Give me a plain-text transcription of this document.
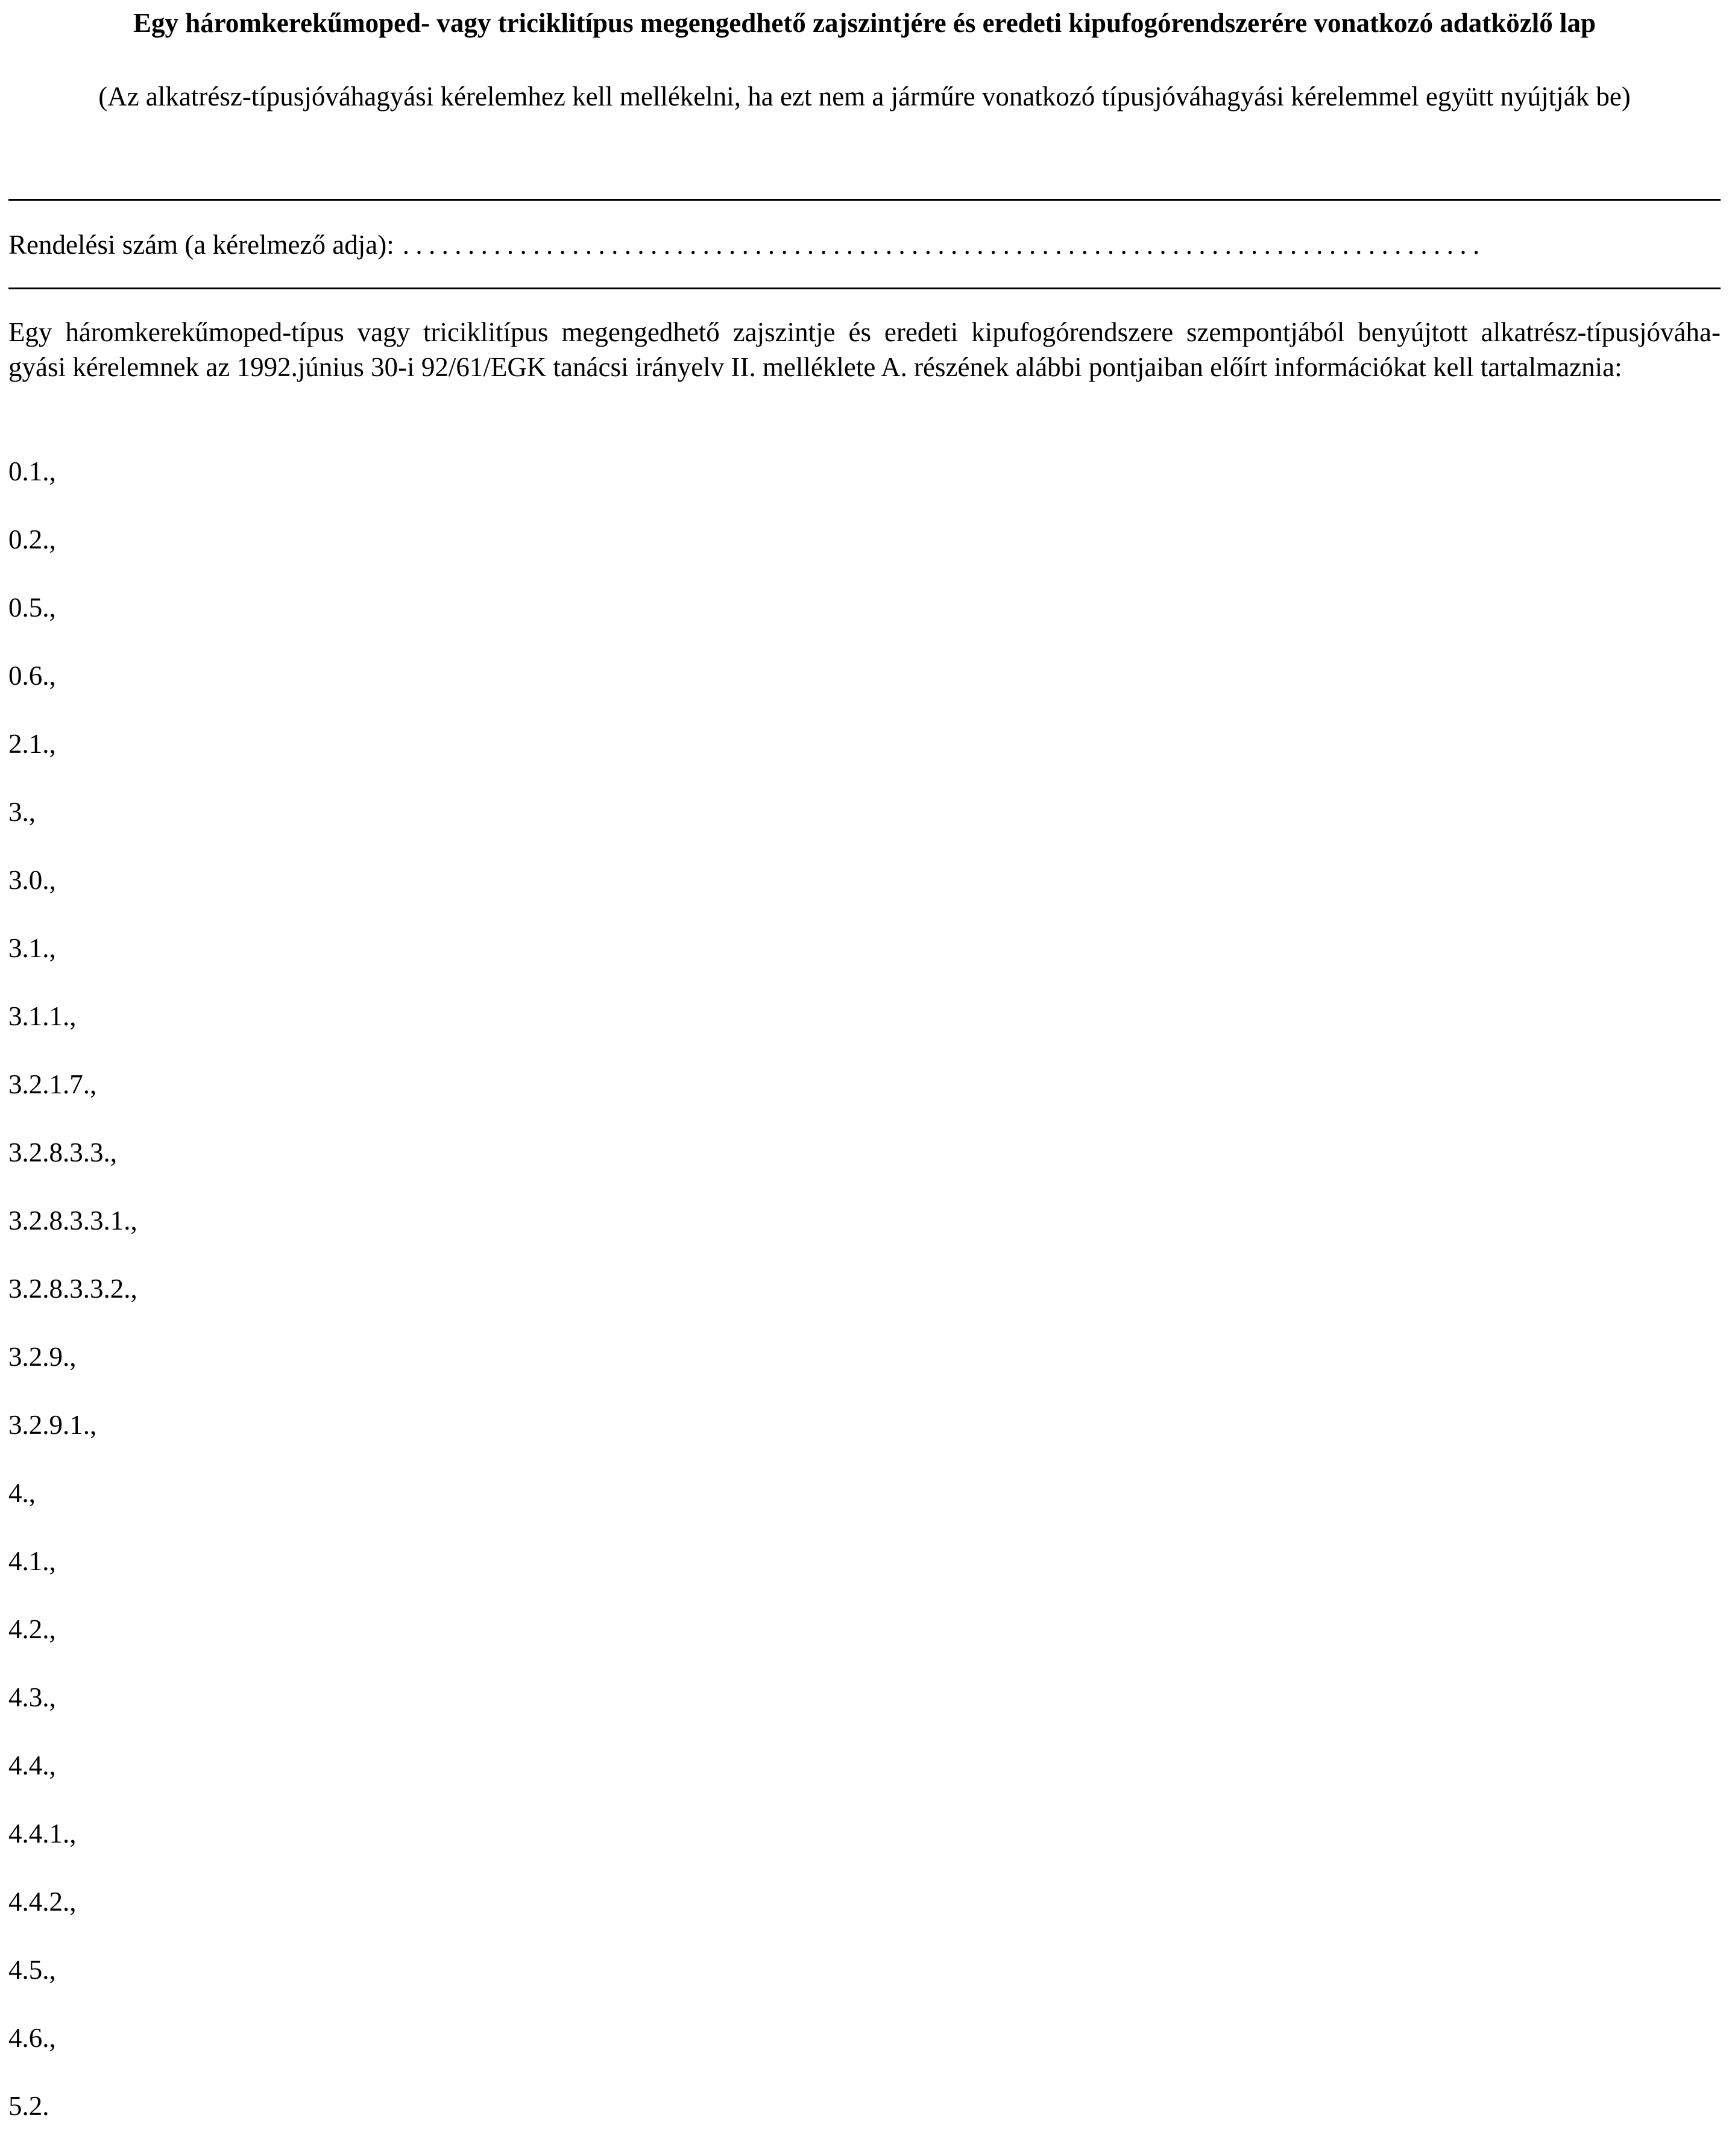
Egy háromkerekűmoped- vagy triciklitípus megengedhető zajszintjére és eredeti kipufogórendszerére vonatkozó adatközlő lap
(Az alkatrész-típusjóváhagyási kérelemhez kell mellékelni, ha ezt nem a járműre vonatkozó típusjóváhagyási kérelemmel együtt nyújtják be)
Rendelési szám (a kérelmező adja): ...................................................................................
Egy háromkerekűmoped-típus vagy triciklitípus megengedhető zajszintje és eredeti kipufogórendszere szempontjából benyújtott alkatrész-típusjóváha-
gyási kérelemnek az 1992.június 30-i 92/61/EGK tanácsi irányelv II. melléklete A. részének alábbi pontjaiban előírt információkat kell tartalmaznia:
0.1.,
0.2.,
0.5.,
0.6.,
2.1.,
3.,
3.0.,
3.1.,
3.1.1.,
3.2.1.7.,
3.2.8.3.3.,
3.2.8.3.3.1.,
3.2.8.3.3.2.,
3.2.9.,
3.2.9.1.,
4.,
4.1.,
4.2.,
4.3.,
4.4.,
4.4.1.,
4.4.2.,
4.5.,
4.6.,
5.2.
